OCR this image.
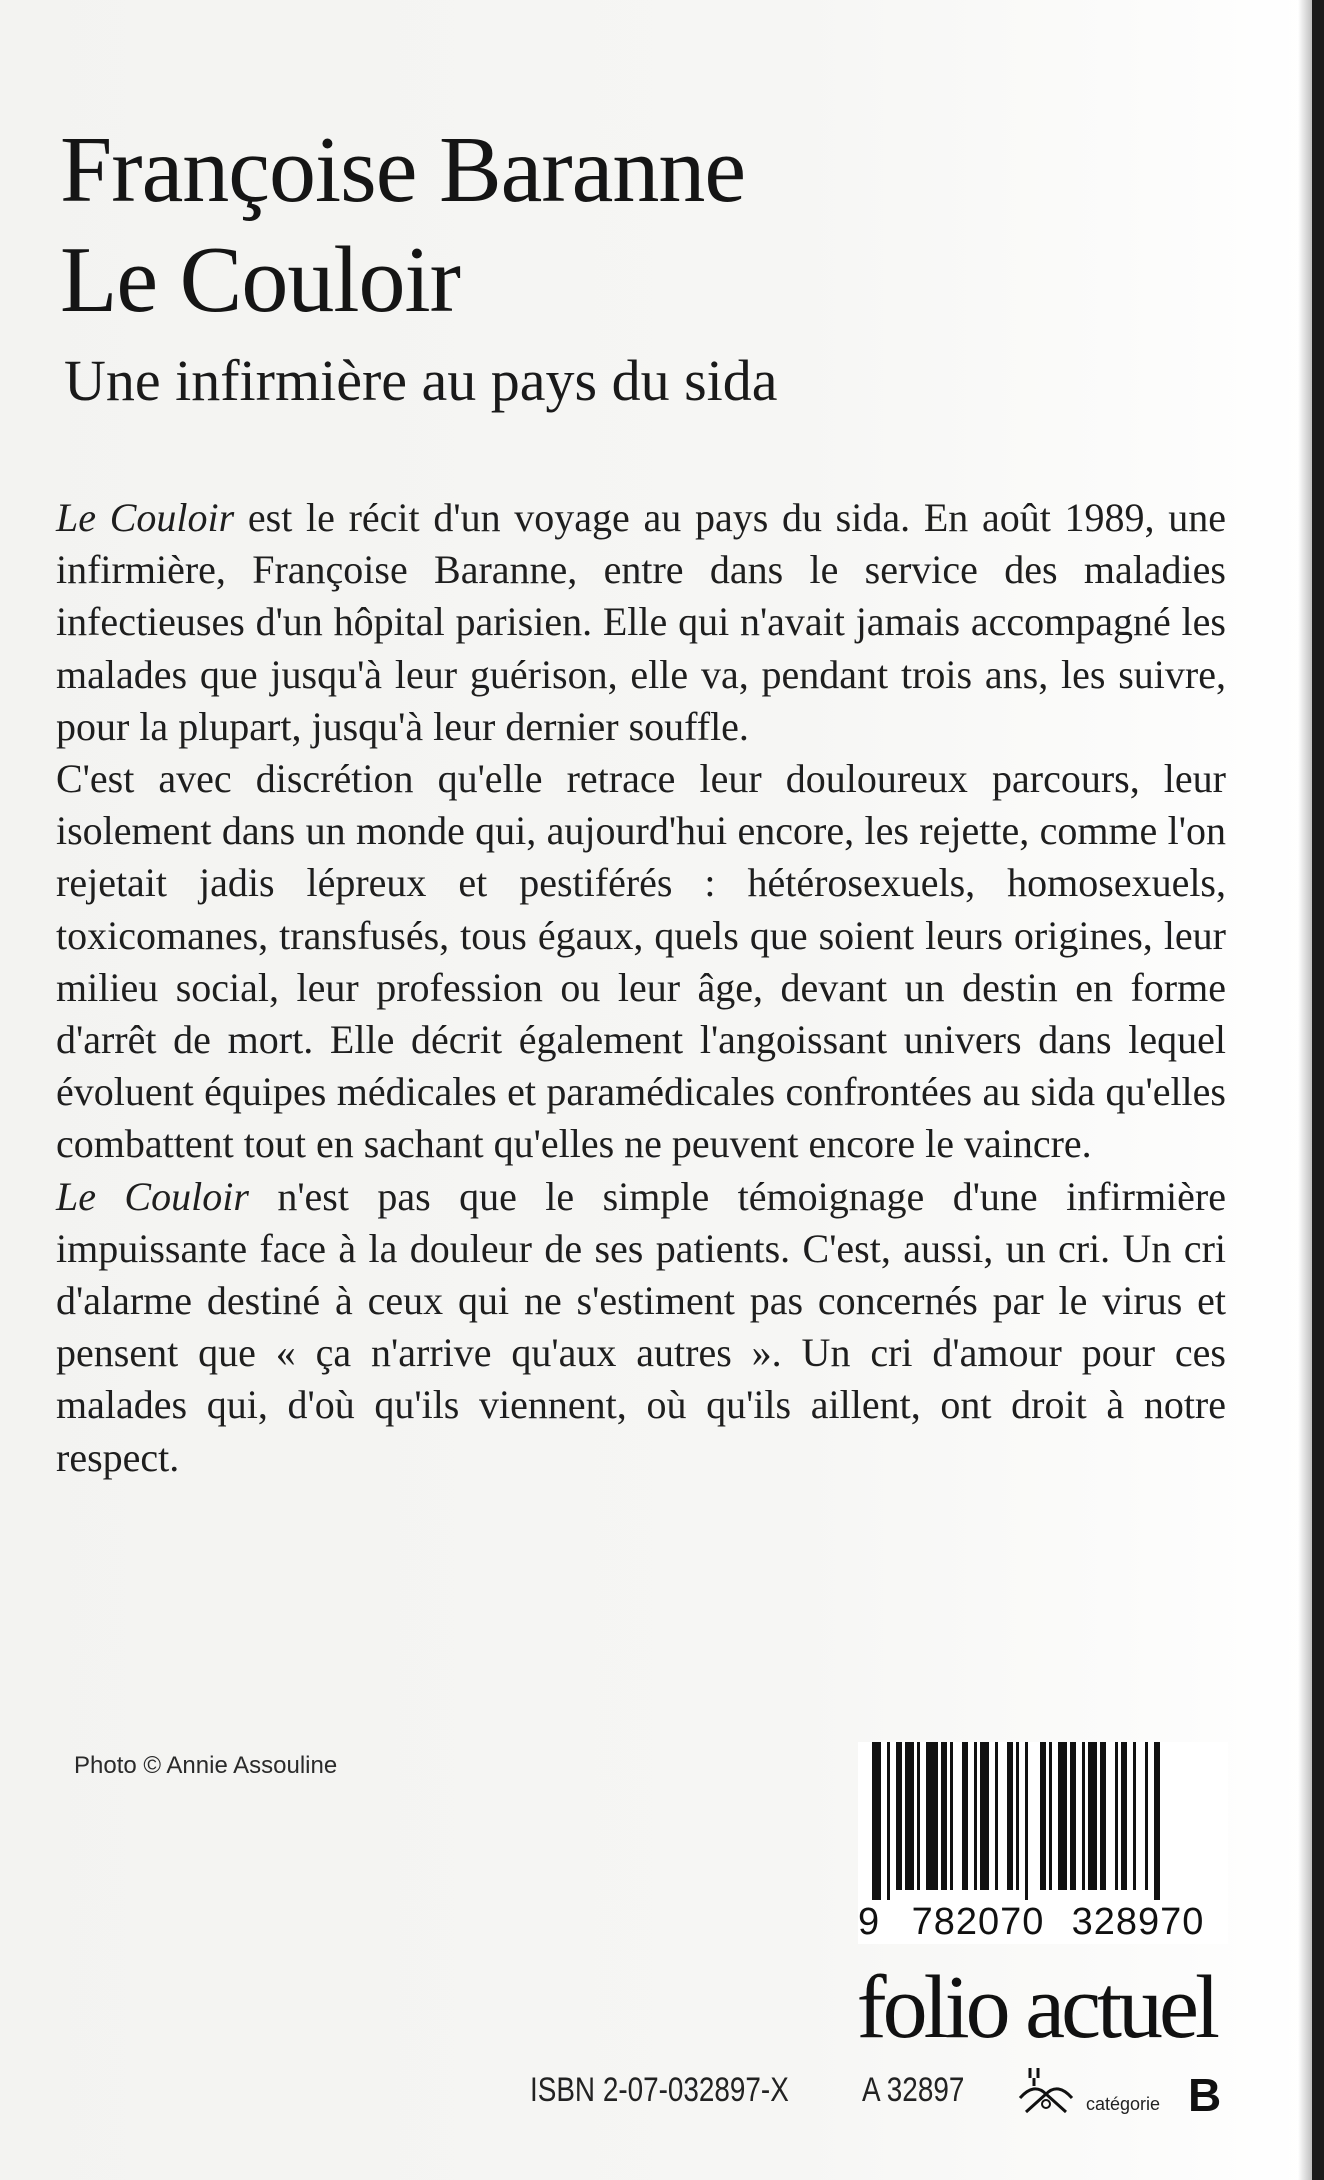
Françoise Baranne
Le Couloir
Une infirmière au pays du sida

Le Couloir est le récit d'un voyage au pays du sida. En août 1989, une infirmière, Françoise Baranne, entre dans le service des maladies infectieuses d'un hôpital parisien. Elle qui n'avait jamais accompagné les malades que jusqu'à leur guérison, elle va, pendant trois ans, les suivre, pour la plupart, jusqu'à leur dernier souffle.

C'est avec discrétion qu'elle retrace leur douloureux parcours, leur isolement dans un monde qui, aujourd'hui encore, les rejette, comme l'on rejetait jadis lépreux et pestiférés : hétérosexuels, homosexuels, toxicomanes, transfusés, tous égaux, quels que soient leurs origines, leur milieu social, leur profession ou leur âge, devant un destin en forme d'arrêt de mort. Elle décrit également l'angoissant univers dans lequel évoluent équipes médicales et paramédicales confrontées au sida qu'elles combattent tout en sachant qu'elles ne peuvent encore le vaincre.

Le Couloir n'est pas que le simple témoignage d'une infirmière impuissante face à la douleur de ses patients. C'est, aussi, un cri. Un cri d'alarme destiné à ceux qui ne s'estiment pas concernés par le virus et pensent que « ça n'arrive qu'aux autres ». Un cri d'amour pour ces malades qui, d'où qu'ils viennent, où qu'ils aillent, ont droit à notre respect.

Photo © Annie Assouline
9 782070 328970
folio actuel
ISBN 2-07-032897-X A 32897	catégorie B
